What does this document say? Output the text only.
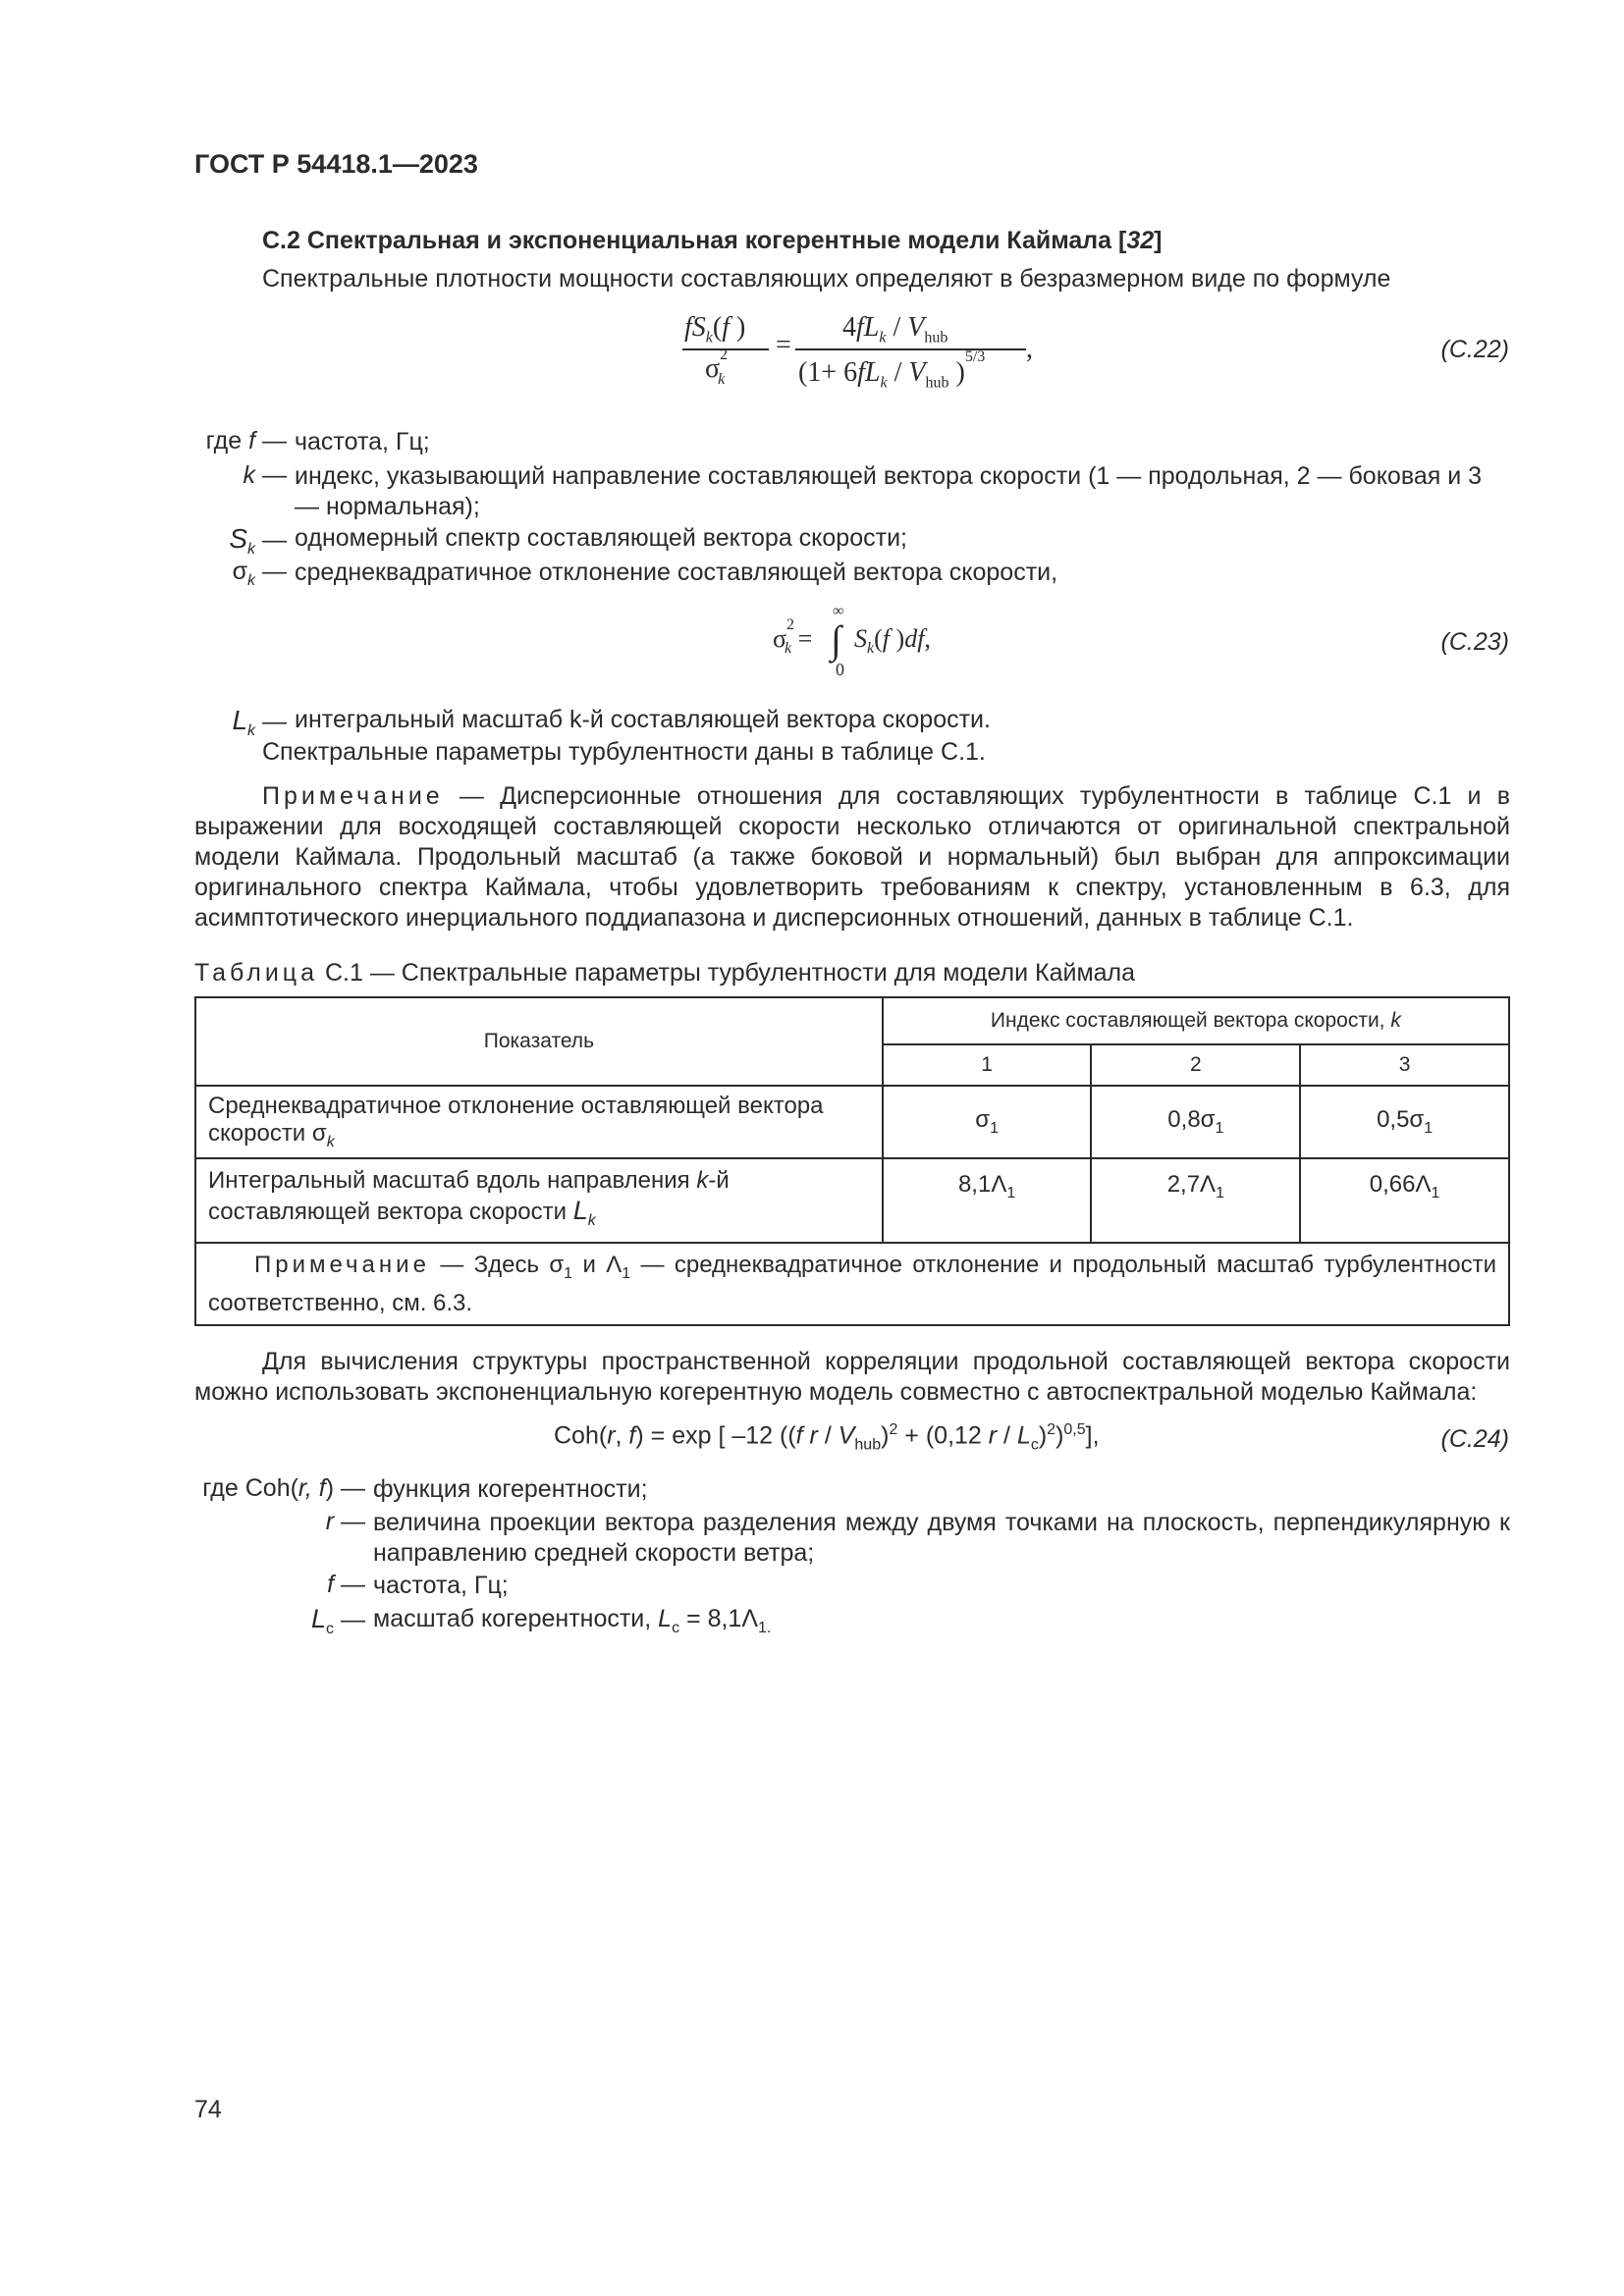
ГОСТ Р 54418.1—2023
С.2 Спектральная и экспоненциальная когерентные модели Каймала [32]
Спектральные плотности мощности составляющих определяют в безразмерном виде по формуле
$fS_k(f$ )
$\sigma^2_k$
=
$4fL_k / V_{hub}$
($1+ 6fL_k / V_{hub}$ )$^{5/3}$ ,	(С.22)
где f — частота, Гц;
k — индекс, указывающий направление составляющей вектора скорости (1 — продольная, 2 — боковая и 3 — нормальная);
$S_k$ — одномерный спектр составляющей вектора скорости;
$\sigma_k$ — среднеквадратичное отклонение составляющей вектора скорости,
$\sigma^2_k$ =
∞
∫
0
$S_k(f$ )df,	(С.23)
$L_k$ — интегральный масштаб k-й составляющей вектора скорости.
Спектральные параметры турбулентности даны в таблице С.1.
Примечание — Дисперсионные отношения для составляющих турбулентности в таблице С.1 и в выражении для восходящей составляющей скорости несколько отличаются от оригинальной спектральной модели Каймала. Продольный масштаб (а также боковой и нормальный) был выбран для аппроксимации оригинального спектра Каймала, чтобы удовлетворить требованиям к спектру, установленным в 6.3, для асимптотического инерциального поддиапазона и дисперсионных отношений, данных в таблице С.1.
Таблица С.1 — Спектральные параметры турбулентности для модели Каймала
Показатель	Индекс составляющей вектора скорости, k		
	1	2	3
Среднеквадратичное отклонение оставляющей вектора скорости $\sigma_k$	$\sigma_1$	$0,8\sigma_1$	$0,5\sigma_1$
Интегральный масштаб вдоль направления k-й составляющей вектора скорости $L_k$	$8,1\Lambda_1$	$2,7\Lambda_1$	$0,66\Lambda_1$
Примечание — Здесь $\sigma_1$ и $\Lambda_1$ — среднеквадратичное отклонение и продольный масштаб турбулентности соответственно, см. 6.3.			
Для вычисления структуры пространственной корреляции продольной составляющей вектора скорости можно использовать экспоненциальную когерентную модель совместно с автоспектральной моделью Каймала:
Coh(r, f) = exp [ –12 ((f $r / V_{hub})^2 + (0,12$ r / $L_c)^2)^{0,5}$],	(С.24)
где Coh(r, f) — функция когерентности;
r — величина проекции вектора разделения между двумя точками на плоскость, перпендикулярную к направлению средней скорости ветра;
f — частота, Гц;
$L_c$ — масштаб когерентности, $L_c = 8,1\Lambda_{1.}$
74
